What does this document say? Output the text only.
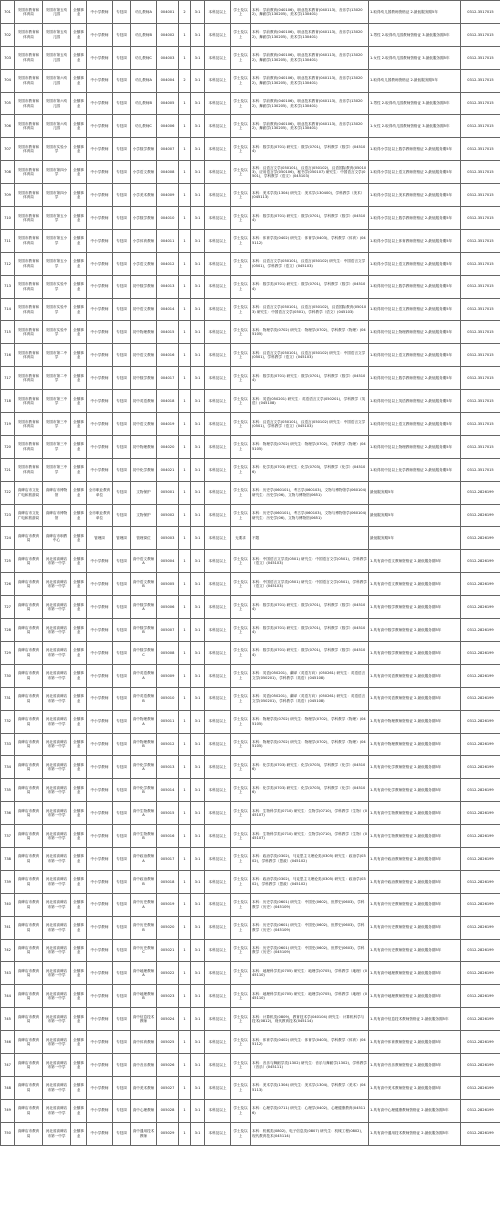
701	安国市教育和体育局	安国市第五幼儿园	全额事业	中小学教师	专技岗	幼儿教师A	004001	2	3:1	本科及以上	学士及以上	本科：学前教育(040106)，职业技术教育(040113)，音乐学(130202)，舞蹈学(130205)，美术学(130401)	1.取得幼儿园教师资格证 2.最低服务期5年	0312-3517015
702	安国市教育和体育局	安国市第五幼儿园	全额事业	中小学教师	专技岗	幼儿教师B	004002	1	3:1	本科及以上	学士及以上	本科：学前教育(040106)，职业技术教育(040113)，音乐学(130202)，舞蹈学(130205)，美术学(130401)	1.男性 2.取得幼儿园教师资格证 3.最低服务期5年	0312-3517015
703	安国市教育和体育局	安国市第五幼儿园	全额事业	中小学教师	专技岗	幼儿教师C	004003	1	3:1	本科及以上	学士及以上	本科：学前教育(040106)，职业技术教育(040113)，音乐学(130202)，舞蹈学(130205)，美术学(130401)	1.女性 2.取得幼儿园教师资格证 3.最低服务期5年	0312-3517015
704	安国市教育和体育局	安国市第六幼儿园	全额事业	中小学教师	专技岗	幼儿教师A	004004	2	3:1	本科及以上	学士及以上	本科：学前教育(040106)，职业技术教育(040113)，音乐学(130202)，舞蹈学(130205)，美术学(130401)	1.取得幼儿园教师资格证 2.最低服务期5年	0312-3517015
705	安国市教育和体育局	安国市第六幼儿园	全额事业	中小学教师	专技岗	幼儿教师B	004005	1	3:1	本科及以上	学士及以上	本科：学前教育(040106)，职业技术教育(040113)，音乐学(130202)，舞蹈学(130205)，美术学(130401)	1.男性 2.取得幼儿园教师资格证 3.最低服务期5年	0312-3517015
706	安国市教育和体育局	安国市第六幼儿园	全额事业	中小学教师	专技岗	幼儿教师C	004006	1	3:1	本科及以上	学士及以上	本科：学前教育(040106)，职业技术教育(040113)，音乐学(130202)，舞蹈学(130205)，美术学(130401)	1.女性 2.取得幼儿园教师资格证 3.最低服务期5年	0312-3517015
707	安国市教育和体育局	安国市实验小学	全额事业	中小学教师	专技岗	小学数学教师	004007	1	3:1	本科及以上	学士及以上	本科：数学类(0701) 研究生：数学(0701)，学科教学（数学）(045104)	1.取得小学及以上数学教师资格证 2.最低服务期5年	0312-3517015
708	安国市教育和体育局	安国市第四小学	全额事业	中小学教师	专技岗	小学语文教师	004008	1	3:1	本科及以上	学士及以上	本科：汉语言文学(050101)，汉语言(050102)，汉语国际教育(050103)，应用语言学(050106)，秘书学(050107) 研究生：中国语言文学(0501)，学科教学（语文）(045103)	1.取得小学及以上语文教师资格证 2.最低服务期5年	0312-3517015
709	安国市教育和体育局	安国市第四小学	全额事业	中小学教师	专技岗	小学美术教师	004009	1	3:1	本科及以上	学士及以上	本科：美术学类(1304) 研究生：美术学(130400)，学科教学（美术）(045113)	1.取得小学及以上美术教师资格证 2.最低服务期5年	0312-3517015
710	安国市教育和体育局	安国市第五小学	全额事业	中小学教师	专技岗	小学数学教师	004010	1	3:1	本科及以上	学士及以上	本科：数学类(0701) 研究生：数学(0701)，学科教学（数学）(045104)	1.取得小学及以上数学教师资格证 2.最低服务期5年	0312-3517015
711	安国市教育和体育局	安国市第五小学	全额事业	中小学教师	专技岗	小学体育教师	004011	1	3:1	本科及以上	学士及以上	本科：体育学类(0402) 研究生：体育学(0403)，学科教学（体育）(045112)	1.取得小学及以上体育教师资格证 2.最低服务期5年	0312-3517015
712	安国市教育和体育局	安国市第五小学	全额事业	中小学教师	专技岗	小学语文教师	004012	1	3:1	本科及以上	学士及以上	本科：汉语言文学(050101)，汉语言(050102) 研究生：中国语言文学(0501)，学科教学（语文）(045103)	1.取得小学及以上语文教师资格证 2.最低服务期5年	0312-3517015
713	安国市教育和体育局	安国市实验中学	全额事业	中小学教师	专技岗	初中数学教师	004013	1	3:1	本科及以上	学士及以上	本科：数学类(0701) 研究生：数学(0701)，学科教学（数学）(045104)	1.取得初中及以上数学教师资格证 2.最低服务期5年	0312-3517015
714	安国市教育和体育局	安国市实验中学	全额事业	中小学教师	专技岗	初中语文教师	004014	1	3:1	本科及以上	学士及以上	本科：汉语言文学(050101)，汉语言(050102)，汉语国际教育(050103) 研究生：中国语言文学(0501)，学科教学（语文）(045103)	1.取得初中及以上语文教师资格证 2.最低服务期5年	0312-3517015
715	安国市教育和体育局	安国市实验中学	全额事业	中小学教师	专技岗	初中物理教师	004015	1	3:1	本科及以上	学士及以上	本科：物理学类(0702) 研究生：物理学(0702)，学科教学（物理）(045105)	1.取得初中及以上物理教师资格证 2.最低服务期5年	0312-3517015
716	安国市教育和体育局	安国市第二中学	全额事业	中小学教师	专技岗	初中语文教师	004016	1	3:1	本科及以上	学士及以上	本科：汉语言文学(050101)，汉语言(050102) 研究生：中国语言文学(0501)，学科教学（语文）(045103)	1.取得初中及以上语文教师资格证 2.最低服务期5年	0312-3517015
717	安国市教育和体育局	安国市第二中学	全额事业	中小学教师	专技岗	初中数学教师	004017	1	3:1	本科及以上	学士及以上	本科：数学类(0701) 研究生：数学(0701)，学科教学（数学）(045104)	1.取得初中及以上数学教师资格证 2.最低服务期5年	0312-3517015
718	安国市教育和体育局	安国市第三中学	全额事业	中小学教师	专技岗	初中英语教师	004018	1	3:1	本科及以上	学士及以上	本科：英语(050201) 研究生：英语语言文学(050201)，学科教学（英语）(045108)	1.取得初中及以上英语教师资格证 2.最低服务期5年	0312-3517015
719	安国市教育和体育局	安国市第三中学	全额事业	中小学教师	专技岗	初中语文教师	004019	1	3:1	本科及以上	学士及以上	本科：汉语言文学(050101)，汉语言(050102) 研究生：中国语言文学(0501)，学科教学（语文）(045103)	1.取得初中及以上语文教师资格证 2.最低服务期5年	0312-3517015
720	安国市教育和体育局	安国市第三中学	全额事业	中小学教师	专技岗	初中物理教师	004020	1	3:1	本科及以上	学士及以上	本科：物理学类(0702) 研究生：物理学(0702)，学科教学（物理）(045105)	1.取得初中及以上物理教师资格证 2.最低服务期5年	0312-3517015
721	安国市教育和体育局	安国市第三中学	全额事业	中小学教师	专技岗	初中化学教师	004021	1	3:1	本科及以上	学士及以上	本科：化学类(0703) 研究生：化学(0703)，学科教学（化学）(045106)	1.取得初中及以上化学教师资格证 2.最低服务期5年	0312-3517015
722	高碑店市文化广电和旅游局	高碑店市博物馆	全额事业	全市职业教育单位	专技岗	文物保护	005001	1	3:1	本科及以上	学士及以上	本科：历史学(060101)，考古学(060103)，文物与博物馆学(060104) 研究生：历史学(06)，文物与博物馆(0651)	最低服务期5年	0312-2826199
723	高碑店市文化广电和旅游局	高碑店市博物馆	全额事业	全市职业教育单位	专技岗	文物保护	005002	1	3:1	本科及以上	学士及以上	本科：历史学(060101)，考古学(060103)，文物与博物馆学(060104) 研究生：历史学(06)，文物与博物馆(0651)	最低服务期5年	0312-2826199
724	高碑店市教育局	高碑店市职教中心	全额事业	管理岗	管理岗	管理岗位	005003	1	3:1	本科及以上	无要求	不限	最低服务期5年	0312-2826199
725	高碑店市教育局	河北省高碑店市第一中学	全额事业	中小学教师	专技岗	高中语文教师A	005004	1	3:1	本科及以上	学士及以上	本科：中国语言文学类(0501) 研究生：中国语言文学(0501)，学科教学（语文）(045103)	1.具有高中语文教师资格证 2.最低服务期5年	0312-2826199
726	高碑店市教育局	河北省高碑店市第一中学	全额事业	中小学教师	专技岗	高中语文教师B	005005	1	3:1	本科及以上	学士及以上	本科：中国语言文学类(0501) 研究生：中国语言文学(0501)，学科教学（语文）(045103)	1.具有高中语文教师资格证 2.最低服务期5年	0312-2826199
727	高碑店市教育局	河北省高碑店市第一中学	全额事业	中小学教师	专技岗	高中数学教师A	005006	1	3:1	本科及以上	学士及以上	本科：数学类(0701) 研究生：数学(0701)，学科教学（数学）(045104)	1.具有高中数学教师资格证 2.最低服务期5年	0312-2826199
728	高碑店市教育局	河北省高碑店市第一中学	全额事业	中小学教师	专技岗	高中数学教师B	005007	1	3:1	本科及以上	学士及以上	本科：数学类(0701) 研究生：数学(0701)，学科教学（数学）(045104)	1.具有高中数学教师资格证 2.最低服务期5年	0312-2826199
729	高碑店市教育局	河北省高碑店市第一中学	全额事业	中小学教师	专技岗	高中数学教师C	005008	1	3:1	本科及以上	学士及以上	本科：数学类(0701) 研究生：数学(0701)，学科教学（数学）(045104)	1.具有高中数学教师资格证 2.最低服务期5年	0312-2826199
730	高碑店市教育局	河北省高碑店市第一中学	全额事业	中小学教师	专技岗	高中英语教师A	005009	1	3:1	本科及以上	学士及以上	本科：英语(050201)，翻译（英语方向）(050261) 研究生：英语语言文学(050201)，学科教学（英语）(045108)	1.具有高中英语教师资格证 2.最低服务期5年	0312-2826199
731	高碑店市教育局	河北省高碑店市第一中学	全额事业	中小学教师	专技岗	高中英语教师B	005010	1	3:1	本科及以上	学士及以上	本科：英语(050201)，翻译（英语方向）(050261) 研究生：英语语言文学(050201)，学科教学（英语）(045108)	1.具有高中英语教师资格证 2.最低服务期5年	0312-2826199
732	高碑店市教育局	河北省高碑店市第一中学	全额事业	中小学教师	专技岗	高中物理教师A	005011	1	3:1	本科及以上	学士及以上	本科：物理学类(0702) 研究生：物理学(0702)，学科教学（物理）(045105)	1.具有高中物理教师资格证 2.最低服务期5年	0312-2826199
733	高碑店市教育局	河北省高碑店市第一中学	全额事业	中小学教师	专技岗	高中物理教师B	005012	1	3:1	本科及以上	学士及以上	本科：物理学类(0702) 研究生：物理学(0702)，学科教学（物理）(045105)	1.具有高中物理教师资格证 2.最低服务期5年	0312-2826199
734	高碑店市教育局	河北省高碑店市第一中学	全额事业	中小学教师	专技岗	高中化学教师A	005013	1	3:1	本科及以上	学士及以上	本科：化学类(0703) 研究生：化学(0703)，学科教学（化学）(045106)	1.具有高中化学教师资格证 2.最低服务期5年	0312-2826199
735	高碑店市教育局	河北省高碑店市第一中学	全额事业	中小学教师	专技岗	高中化学教师B	005014	1	3:1	本科及以上	学士及以上	本科：化学类(0703) 研究生：化学(0703)，学科教学（化学）(045106)	1.具有高中化学教师资格证 2.最低服务期5年	0312-2826199
736	高碑店市教育局	河北省高碑店市第一中学	全额事业	中小学教师	专技岗	高中生物教师A	005015	1	3:1	本科及以上	学士及以上	本科：生物科学类(0710) 研究生：生物学(0710)，学科教学（生物）(045107)	1.具有高中生物教师资格证 2.最低服务期5年	0312-2826199
737	高碑店市教育局	河北省高碑店市第一中学	全额事业	中小学教师	专技岗	高中生物教师B	005016	1	3:1	本科及以上	学士及以上	本科：生物科学类(0710) 研究生：生物学(0710)，学科教学（生物）(045107)	1.具有高中生物教师资格证 2.最低服务期5年	0312-2826199
738	高碑店市教育局	河北省高碑店市第一中学	全额事业	中小学教师	专技岗	高中政治教师A	005017	1	3:1	本科及以上	学士及以上	本科：政治学类(0302)，马克思主义理论类(0305) 研究生：政治学(0302)，学科教学（思政）(045102)	1.具有高中政治教师资格证 2.最低服务期5年	0312-2826199
739	高碑店市教育局	河北省高碑店市第一中学	全额事业	中小学教师	专技岗	高中政治教师B	005018	1	3:1	本科及以上	学士及以上	本科：政治学类(0302)，马克思主义理论类(0305) 研究生：政治学(0302)，学科教学（思政）(045102)	1.具有高中政治教师资格证 2.最低服务期5年	0312-2826199
740	高碑店市教育局	河北省高碑店市第一中学	全额事业	中小学教师	专技岗	高中历史教师A	005019	1	3:1	本科及以上	学士及以上	本科：历史学类(0601) 研究生：中国史(0602)，世界史(0603)，学科教学（历史）(045109)	1.具有高中历史教师资格证 2.最低服务期5年	0312-2826199
741	高碑店市教育局	河北省高碑店市第一中学	全额事业	中小学教师	专技岗	高中历史教师B	005020	1	3:1	本科及以上	学士及以上	本科：历史学类(0601) 研究生：中国史(0602)，世界史(0603)，学科教学（历史）(045109)	1.具有高中历史教师资格证 2.最低服务期5年	0312-2826199
742	高碑店市教育局	河北省高碑店市第一中学	全额事业	中小学教师	专技岗	高中历史教师C	005021	1	3:1	本科及以上	学士及以上	本科：历史学类(0601) 研究生：中国史(0602)，世界史(0603)，学科教学（历史）(045109)	1.具有高中历史教师资格证 2.最低服务期5年	0312-2826199
743	高碑店市教育局	河北省高碑店市第一中学	全额事业	中小学教师	专技岗	高中地理教师A	005022	1	3:1	本科及以上	学士及以上	本科：地理科学类(0705) 研究生：地理学(0705)，学科教学（地理）(045110)	1.具有高中地理教师资格证 2.最低服务期5年	0312-2826199
744	高碑店市教育局	河北省高碑店市第一中学	全额事业	中小学教师	专技岗	高中地理教师B	005023	1	3:1	本科及以上	学士及以上	本科：地理科学类(0705) 研究生：地理学(0705)，学科教学（地理）(045110)	1.具有高中地理教师资格证 2.最低服务期5年	0312-2826199
745	高碑店市教育局	河北省高碑店市第一中学	全额事业	中小学教师	专技岗	高中信息技术教师	005024	1	3:1	本科及以上	学士及以上	本科：计算机类(0809)，教育技术学(040104) 研究生：计算机科学与技术(0812)，现代教育技术(045114)	1.具有高中信息技术教师资格证 2.最低服务期5年	0312-2826199
746	高碑店市教育局	河北省高碑店市第一中学	全额事业	中小学教师	专技岗	高中体育教师	005025	1	3:1	本科及以上	学士及以上	本科：体育学类(0402) 研究生：体育学(0403)，学科教学（体育）(045112)	1.具有高中体育教师资格证 2.最低服务期5年	0312-2826199
747	高碑店市教育局	河北省高碑店市第一中学	全额事业	中小学教师	专技岗	高中音乐教师	005026	1	3:1	本科及以上	学士及以上	本科：音乐与舞蹈学类(1302) 研究生：音乐与舞蹈学(1302)，学科教学（音乐）(045111)	1.具有高中音乐教师资格证 2.最低服务期5年	0312-2826199
748	高碑店市教育局	河北省高碑店市第一中学	全额事业	中小学教师	专技岗	高中美术教师	005027	1	3:1	本科及以上	学士及以上	本科：美术学类(1304) 研究生：美术学(1304)，学科教学（美术）(045113)	1.具有高中美术教师资格证 2.最低服务期5年	0312-2826199
749	高碑店市教育局	河北省高碑店市第一中学	全额事业	中小学教师	专技岗	高中心理教师	005028	1	3:1	本科及以上	学士及以上	本科：心理学类(0711) 研究生：心理学(0402)，心理健康教育(045116)	1.具有高中心理健康教师资格证 2.最低服务期5年	0312-2826199
750	高碑店市教育局	河北省高碑店市第一中学	全额事业	中小学教师	专技岗	高中通用技术教师	005029	1	3:1	本科及以上	学士及以上	本科：机械类(0802)，电子信息类(0807) 研究生：机械工程(0802)，现代教育技术(045114)	1.具有高中通用技术教师资格证 2.最低服务期5年	0312-2826199
